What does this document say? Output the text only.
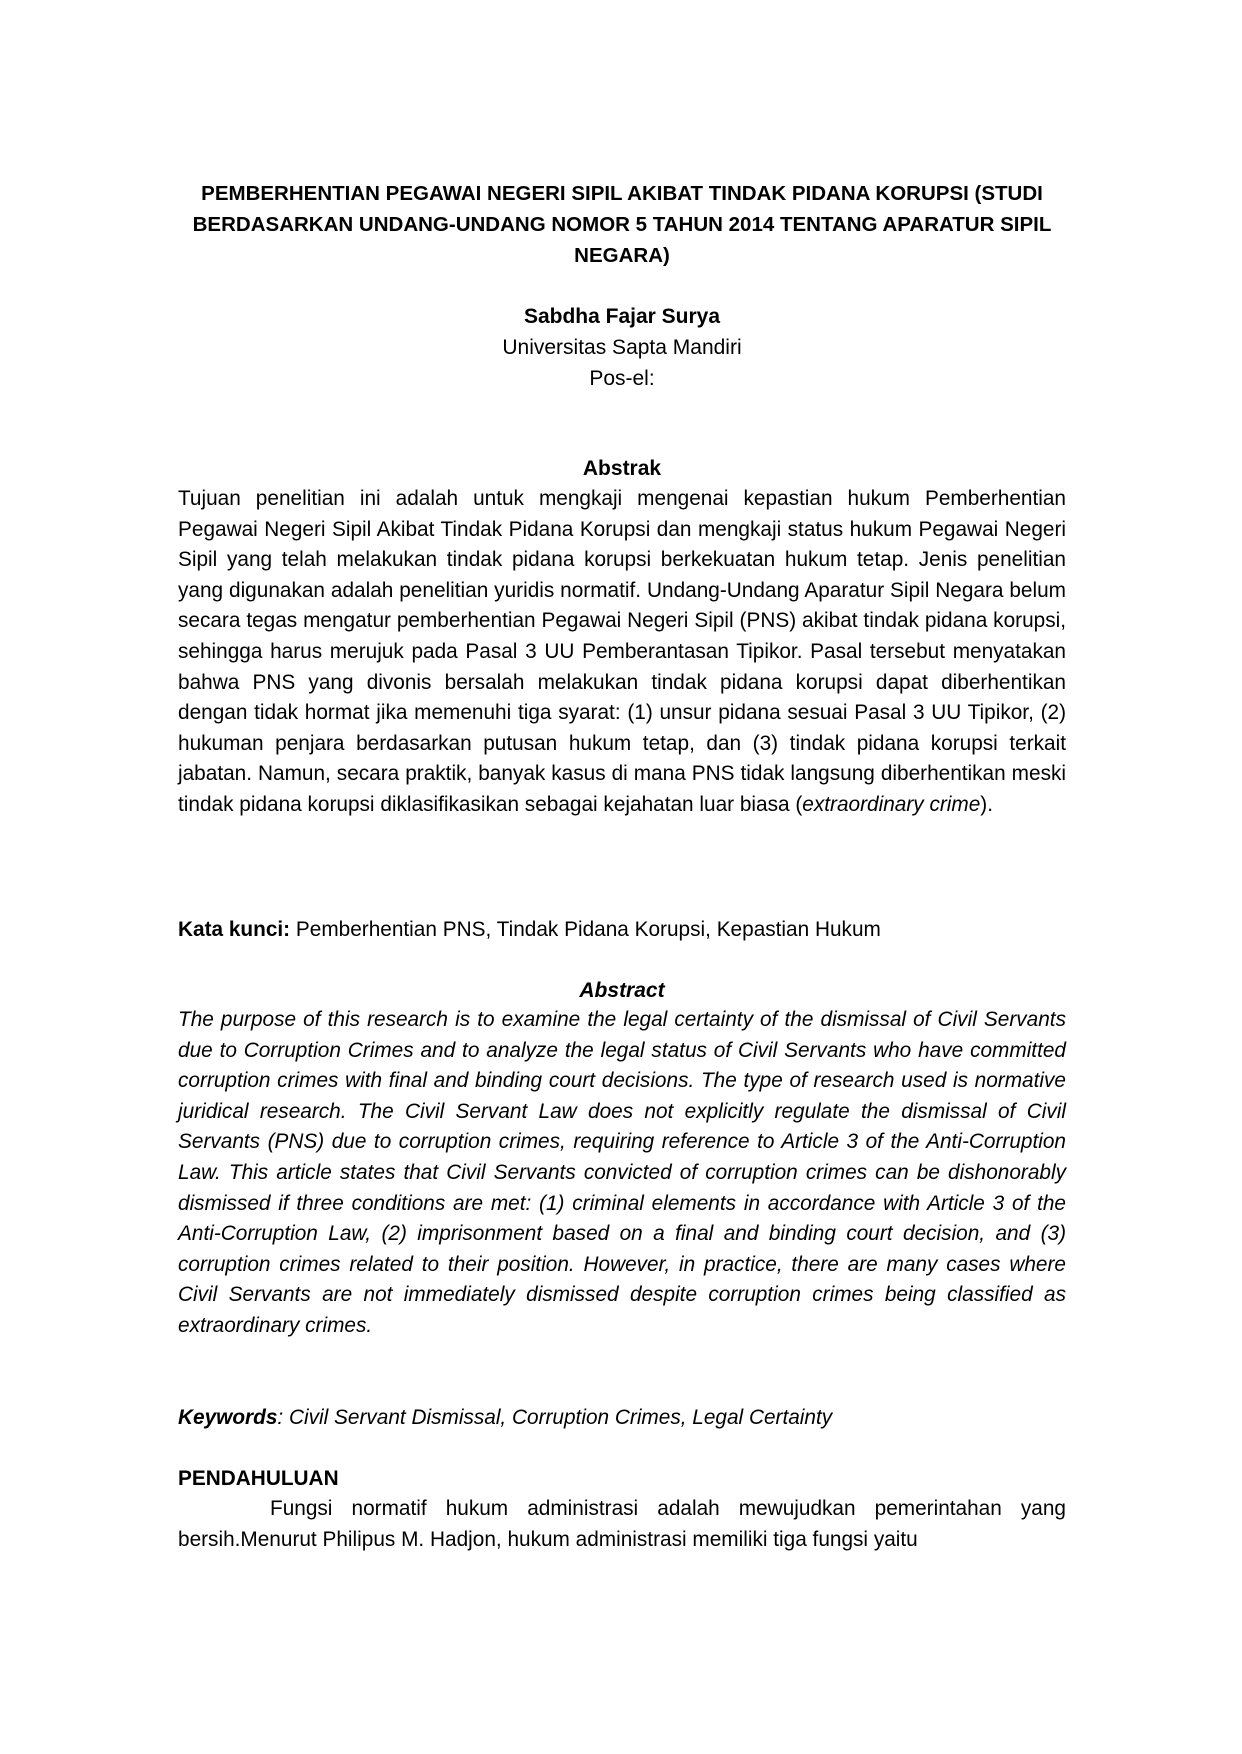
PEMBERHENTIAN PEGAWAI NEGERI SIPIL AKIBAT TINDAK PIDANA KORUPSI (STUDI BERDASARKAN UNDANG-UNDANG NOMOR 5 TAHUN 2014 TENTANG APARATUR SIPIL NEGARA)
Sabdha Fajar Surya
Universitas Sapta Mandiri
Pos-el:
Abstrak
Tujuan penelitian ini adalah untuk mengkaji mengenai kepastian hukum Pemberhentian Pegawai Negeri Sipil Akibat Tindak Pidana Korupsi dan mengkaji status hukum Pegawai Negeri Sipil yang telah melakukan tindak pidana korupsi berkekuatan hukum tetap. Jenis penelitian yang digunakan adalah penelitian yuridis normatif. Undang-Undang Aparatur Sipil Negara belum secara tegas mengatur pemberhentian Pegawai Negeri Sipil (PNS) akibat tindak pidana korupsi, sehingga harus merujuk pada Pasal 3 UU Pemberantasan Tipikor. Pasal tersebut menyatakan bahwa PNS yang divonis bersalah melakukan tindak pidana korupsi dapat diberhentikan dengan tidak hormat jika memenuhi tiga syarat: (1) unsur pidana sesuai Pasal 3 UU Tipikor, (2) hukuman penjara berdasarkan putusan hukum tetap, dan (3) tindak pidana korupsi terkait jabatan. Namun, secara praktik, banyak kasus di mana PNS tidak langsung diberhentikan meski tindak pidana korupsi diklasifikasikan sebagai kejahatan luar biasa (extraordinary crime).
Kata kunci: Pemberhentian PNS, Tindak Pidana Korupsi, Kepastian Hukum
Abstract
The purpose of this research is to examine the legal certainty of the dismissal of Civil Servants due to Corruption Crimes and to analyze the legal status of Civil Servants who have committed corruption crimes with final and binding court decisions. The type of research used is normative juridical research. The Civil Servant Law does not explicitly regulate the dismissal of Civil Servants (PNS) due to corruption crimes, requiring reference to Article 3 of the Anti-Corruption Law. This article states that Civil Servants convicted of corruption crimes can be dishonorably dismissed if three conditions are met: (1) criminal elements in accordance with Article 3 of the Anti-Corruption Law, (2) imprisonment based on a final and binding court decision, and (3) corruption crimes related to their position. However, in practice, there are many cases where Civil Servants are not immediately dismissed despite corruption crimes being classified as extraordinary crimes.
Keywords: Civil Servant Dismissal, Corruption Crimes, Legal Certainty
PENDAHULUAN
Fungsi normatif hukum administrasi adalah mewujudkan pemerintahan yang bersih.Menurut Philipus M. Hadjon, hukum administrasi memiliki tiga fungsi yaitu
